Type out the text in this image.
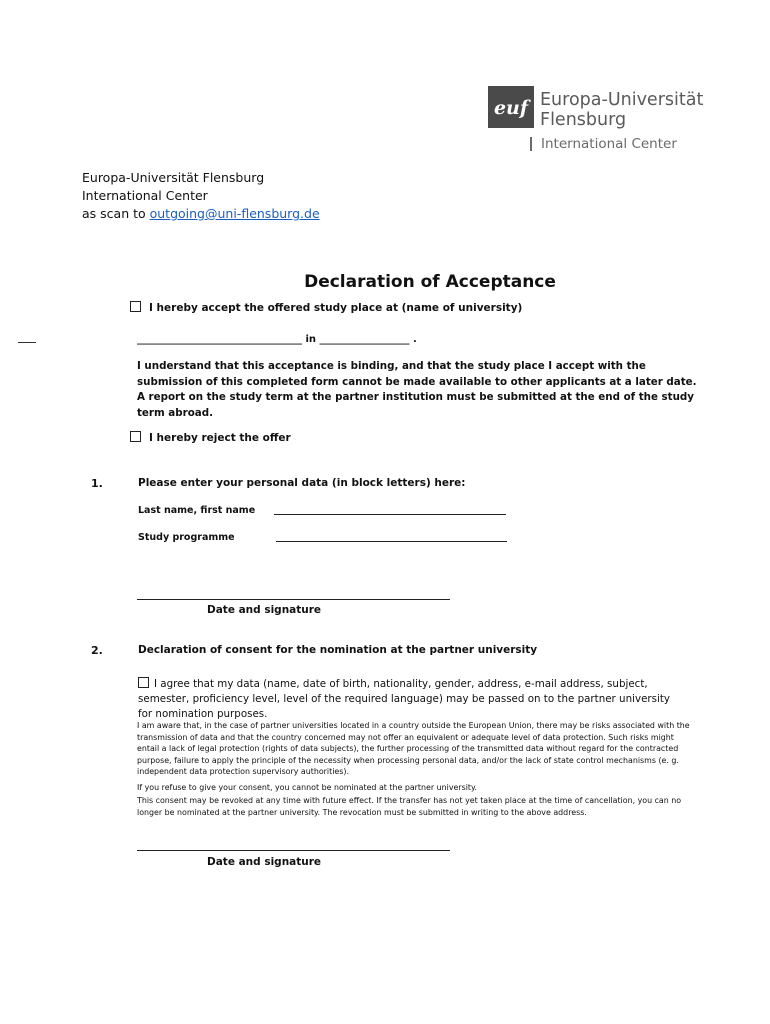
euf Europa-Universität
Flensburg
International Center
Europa-Universität Flensburg
International Center
as scan to outgoing@uni-flensburg.de
Declaration of Acceptance
I hereby accept the offered study place at (name of university)
_________________________________ in __________________ .
I understand that this acceptance is binding, and that the study place I accept with the submission of this completed form cannot be made available to other applicants at a later date. A report on the study term at the partner institution must be submitted at the end of the study term abroad.
I hereby reject the offer
1.	Please enter your personal data (in block letters) here:
Last name, first name
Study programme
Date and signature
2.	Declaration of consent for the nomination at the partner university
I agree that my data (name, date of birth, nationality, gender, address, e-mail address, subject, semester, proficiency level, level of the required language) may be passed on to the partner university for nomination purposes.
I am aware that, in the case of partner universities located in a country outside the European Union, there may be risks associated with the transmission of data and that the country concerned may not offer an equivalent or adequate level of data protection. Such risks might entail a lack of legal protection (rights of data subjects), the further processing of the transmitted data without regard for the contracted purpose, failure to apply the principle of the necessity when processing personal data, and/or the lack of state control mechanisms (e. g. independent data protection supervisory authorities).
If you refuse to give your consent, you cannot be nominated at the partner university.
This consent may be revoked at any time with future effect. If the transfer has not yet taken place at the time of cancellation, you can no longer be nominated at the partner university. The revocation must be submitted in writing to the above address.
Date and signature
